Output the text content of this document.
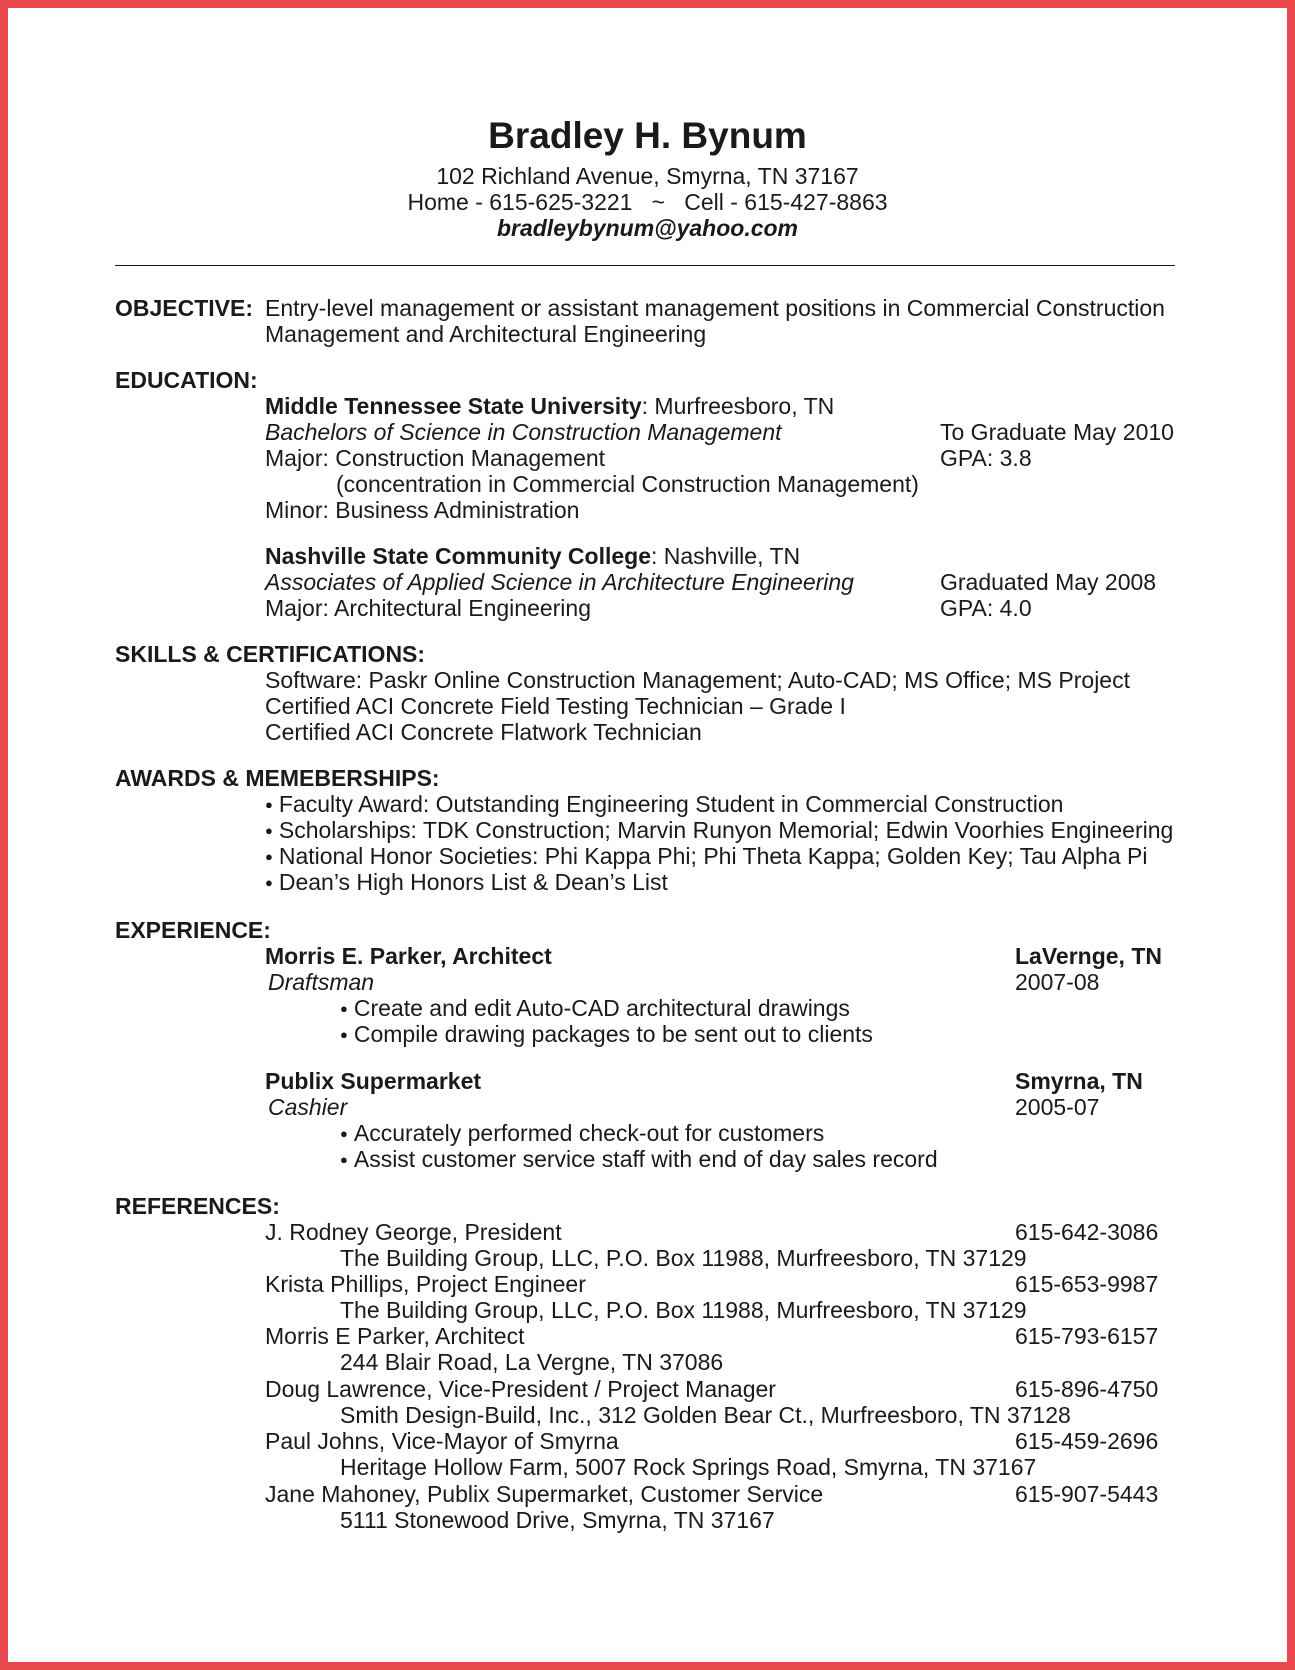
Bradley H. Bynum
102 Richland Avenue, Smyrna, TN 37167
Home - 615-625-3221   ~   Cell - 615-427-8863
bradleybynum@yahoo.com
OBJECTIVE: Entry-level management or assistant management positions in Commercial Construction
Management and Architectural Engineering
EDUCATION:
Middle Tennessee State University: Murfreesboro, TN
Bachelors of Science in Construction Management	To Graduate May 2010
Major: Construction Management	GPA: 3.8
(concentration in Commercial Construction Management)
Minor: Business Administration
Nashville State Community College: Nashville, TN
Associates of Applied Science in Architecture Engineering	Graduated May 2008
Major: Architectural Engineering	GPA: 4.0
SKILLS & CERTIFICATIONS:
Software: Paskr Online Construction Management; Auto-CAD; MS Office; MS Project
Certified ACI Concrete Field Testing Technician – Grade I
Certified ACI Concrete Flatwork Technician
AWARDS & MEMEBERSHIPS:
● Faculty Award: Outstanding Engineering Student in Commercial Construction
● Scholarships: TDK Construction; Marvin Runyon Memorial; Edwin Voorhies Engineering
● National Honor Societies: Phi Kappa Phi; Phi Theta Kappa; Golden Key; Tau Alpha Pi
● Dean’s High Honors List & Dean’s List
EXPERIENCE:
Morris E. Parker, Architect	LaVernge, TN
Draftsman	2007-08
● Create and edit Auto-CAD architectural drawings
● Compile drawing packages to be sent out to clients
Publix Supermarket	Smyrna, TN
Cashier	2005-07
● Accurately performed check-out for customers
● Assist customer service staff with end of day sales record
REFERENCES:
J. Rodney George, President	615-642-3086
The Building Group, LLC, P.O. Box 11988, Murfreesboro, TN 37129
Krista Phillips, Project Engineer	615-653-9987
The Building Group, LLC, P.O. Box 11988, Murfreesboro, TN 37129
Morris E Parker, Architect	615-793-6157
244 Blair Road, La Vergne, TN 37086
Doug Lawrence, Vice-President / Project Manager	615-896-4750
Smith Design-Build, Inc., 312 Golden Bear Ct., Murfreesboro, TN 37128
Paul Johns, Vice-Mayor of Smyrna	615-459-2696
Heritage Hollow Farm, 5007 Rock Springs Road, Smyrna, TN 37167
Jane Mahoney, Publix Supermarket, Customer Service	615-907-5443
5111 Stonewood Drive, Smyrna, TN 37167
